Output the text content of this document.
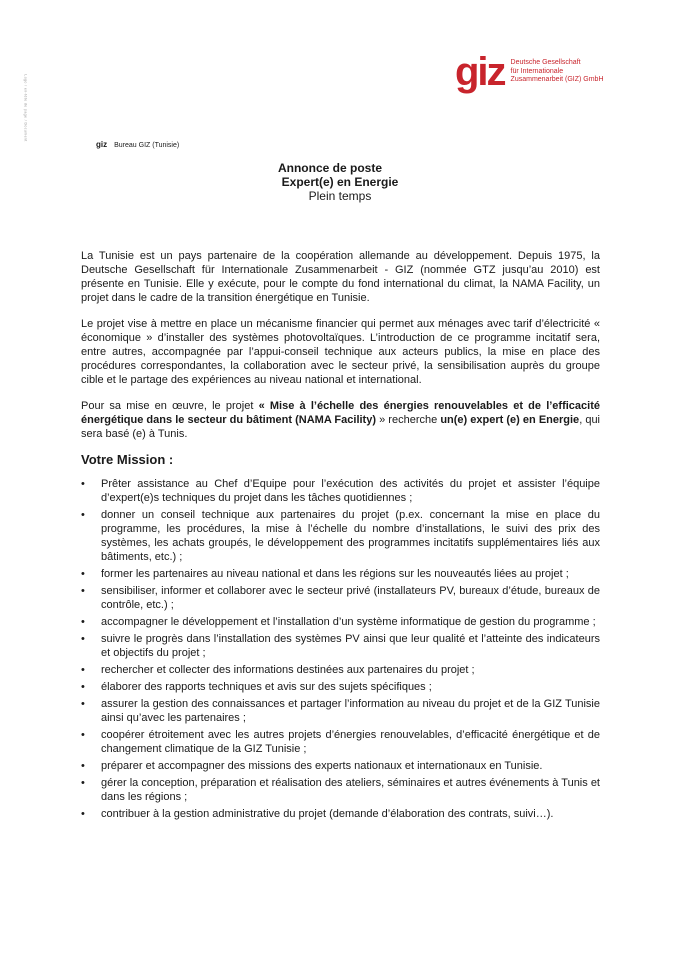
Logo / en-tête de page / Document
giz Deutsche Gesellschaft
für Internationale
Zusammenarbeit (GIZ) GmbH
giz Bureau GIZ (Tunisie)
Annonce de poste
Expert(e) en Energie
Plein temps

La Tunisie est un pays partenaire de la coopération allemande au développement. Depuis 1975, la Deutsche Gesellschaft für Internationale Zusammenarbeit - GIZ (nommée GTZ jusqu’au 2010) est présente en Tunisie. Elle y exécute, pour le compte du fond international du climat, la NAMA Facility, un projet dans le cadre de la transition énergétique en Tunisie.

Le projet vise à mettre en place un mécanisme financier qui permet aux ménages avec tarif d’électricité « économique » d’installer des systèmes photovoltaïques. L’introduction de ce programme incitatif sera, entre autres, accompagnée par l’appui-conseil technique aux acteurs publics, la mise en place des procédures correspondantes, la collaboration avec le secteur privé, la sensibilisation auprès du groupe cible et le partage des expériences au niveau national et international.

Pour sa mise en œuvre, le projet « Mise à l’échelle des énergies renouvelables et de l’efficacité énergétique dans le secteur du bâtiment (NAMA Facility) » recherche un(e) expert (e) en Energie, qui sera basé (e) à Tunis.

Votre Mission :
• Prêter assistance au Chef d’Equipe pour l’exécution des activités du projet et assister l’équipe d’expert(e)s techniques du projet dans les tâches quotidiennes ;
• donner un conseil technique aux partenaires du projet (p.ex. concernant la mise en place du programme, les procédures, la mise à l’échelle du nombre d’installations, le suivi des prix des systèmes, les achats groupés, le développement des programmes incitatifs supplémentaires liés aux bâtiments, etc.) ;
• former les partenaires au niveau national et dans les régions sur les nouveautés liées au projet ;
• sensibiliser, informer et collaborer avec le secteur privé (installateurs PV, bureaux d’étude, bureaux de contrôle, etc.) ;
• accompagner le développement et l’installation d’un système informatique de gestion du programme ;
• suivre le progrès dans l’installation des systèmes PV ainsi que leur qualité et l’atteinte des indicateurs et objectifs du projet ;
• rechercher et collecter des informations destinées aux partenaires du projet ;
• élaborer des rapports techniques et avis sur des sujets spécifiques ;
• assurer la gestion des connaissances et partager l’information au niveau du projet et de la GIZ Tunisie ainsi qu’avec les partenaires ;
• coopérer étroitement avec les autres projets d’énergies renouvelables, d’efficacité énergétique et de changement climatique de la GIZ Tunisie ;
• préparer et accompagner des missions des experts nationaux et internationaux en Tunisie.
• gérer la conception, préparation et réalisation des ateliers, séminaires et autres événements à Tunis et dans les régions ;
• contribuer à la gestion administrative du projet (demande d’élaboration des contrats, suivi…).
